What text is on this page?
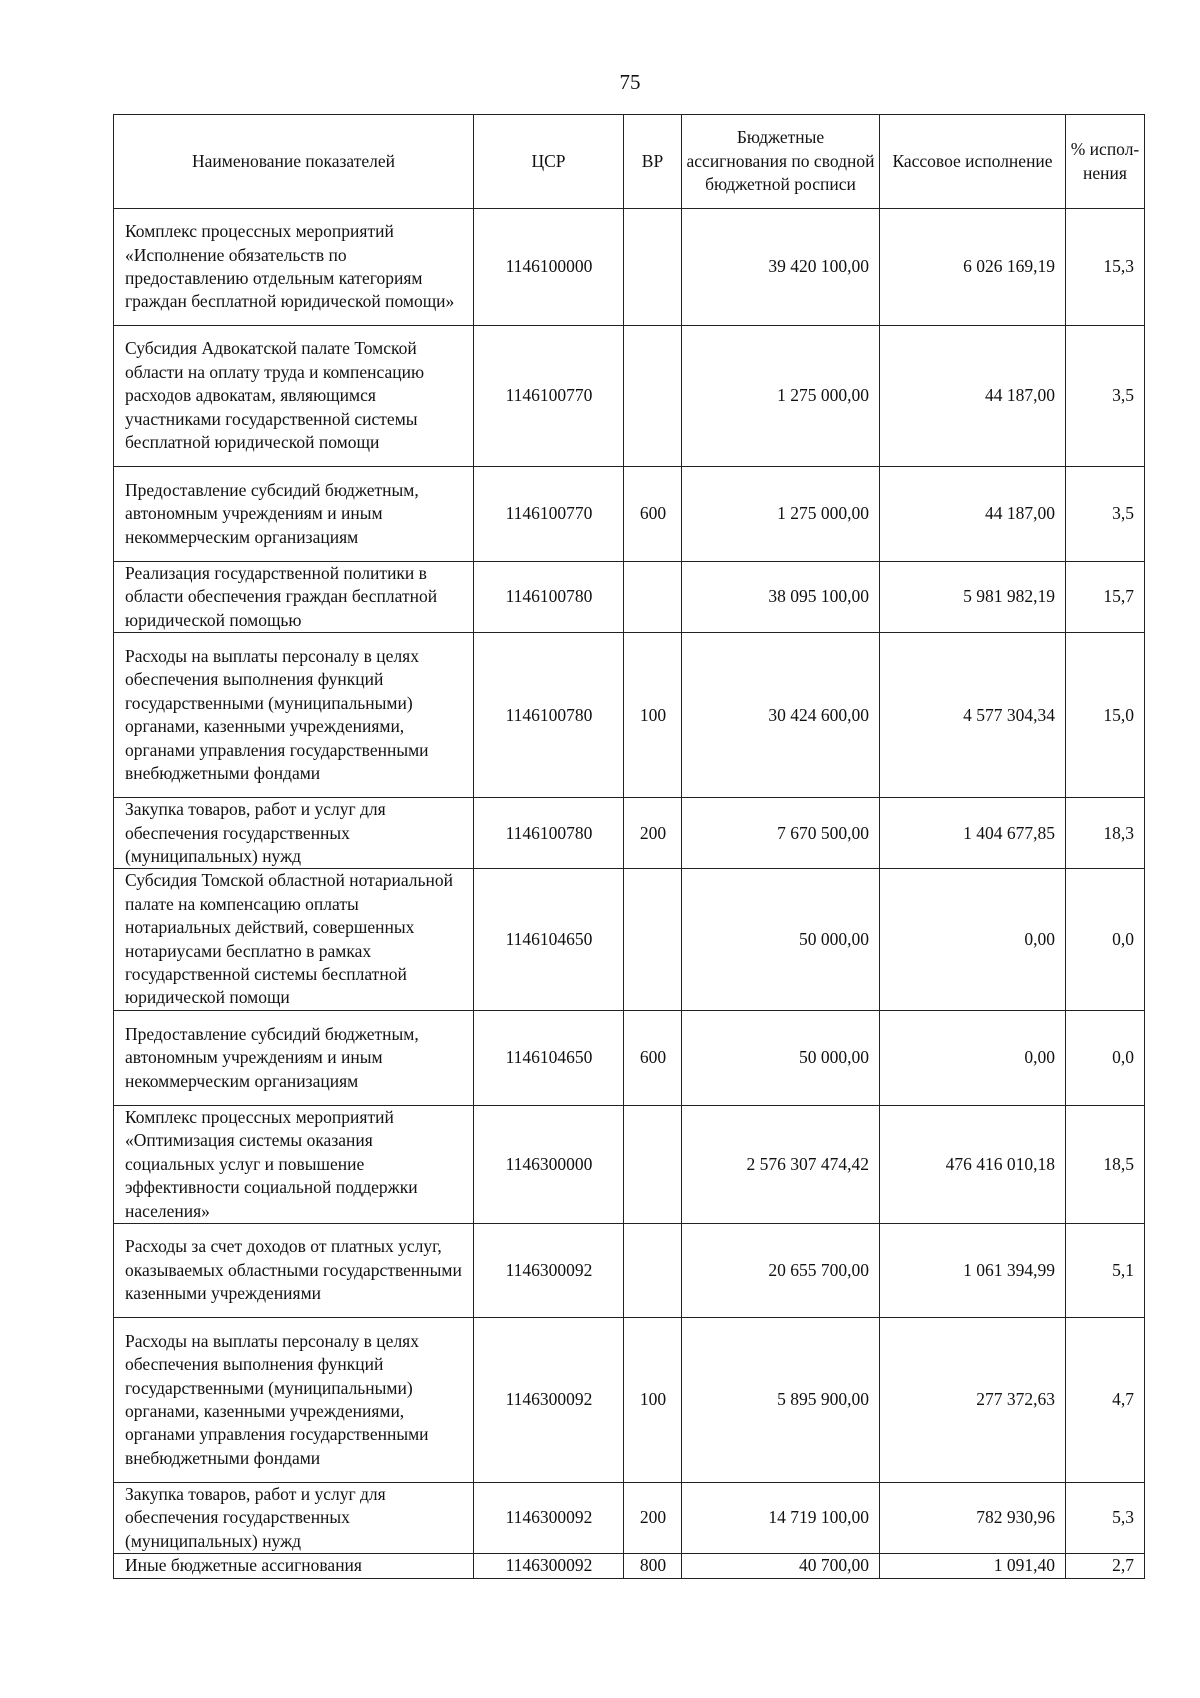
75
Наименование показателей	ЦСР	ВР	Бюджетные ассигнования по сводной бюджетной росписи	Кассовое исполнение	% испол-нения
Комплекс процессных мероприятий «Исполнение обязательств по предоставлению отдельным категориям граждан бесплатной юридической помощи»	1146100000		39 420 100,00	6 026 169,19	15,3
Субсидия Адвокатской палате Томской области на оплату труда и компенсацию расходов адвокатам, являющимся участниками государственной системы бесплатной юридической помощи	1146100770		1 275 000,00	44 187,00	3,5
Предоставление субсидий бюджетным, автономным учреждениям и иным некоммерческим организациям	1146100770	600	1 275 000,00	44 187,00	3,5
Реализация государственной политики в области обеспечения граждан бесплатной юридической помощью	1146100780		38 095 100,00	5 981 982,19	15,7
Расходы на выплаты персоналу в целях обеспечения выполнения функций государственными (муниципальными) органами, казенными учреждениями, органами управления государственными внебюджетными фондами	1146100780	100	30 424 600,00	4 577 304,34	15,0
Закупка товаров, работ и услуг для обеспечения государственных (муниципальных) нужд	1146100780	200	7 670 500,00	1 404 677,85	18,3
Субсидия Томской областной нотариальной палате на компенсацию оплаты нотариальных действий, совершенных нотариусами бесплатно в рамках государственной системы бесплатной юридической помощи	1146104650		50 000,00	0,00	0,0
Предоставление субсидий бюджетным, автономным учреждениям и иным некоммерческим организациям	1146104650	600	50 000,00	0,00	0,0
Комплекс процессных мероприятий «Оптимизация системы оказания социальных услуг и повышение эффективности социальной поддержки населения»	1146300000		2 576 307 474,42	476 416 010,18	18,5
Расходы за счет доходов от платных услуг, оказываемых областными государственными казенными учреждениями	1146300092		20 655 700,00	1 061 394,99	5,1
Расходы на выплаты персоналу в целях обеспечения выполнения функций государственными (муниципальными) органами, казенными учреждениями, органами управления государственными внебюджетными фондами	1146300092	100	5 895 900,00	277 372,63	4,7
Закупка товаров, работ и услуг для обеспечения государственных (муниципальных) нужд	1146300092	200	14 719 100,00	782 930,96	5,3
Иные бюджетные ассигнования	1146300092	800	40 700,00	1 091,40	2,7
